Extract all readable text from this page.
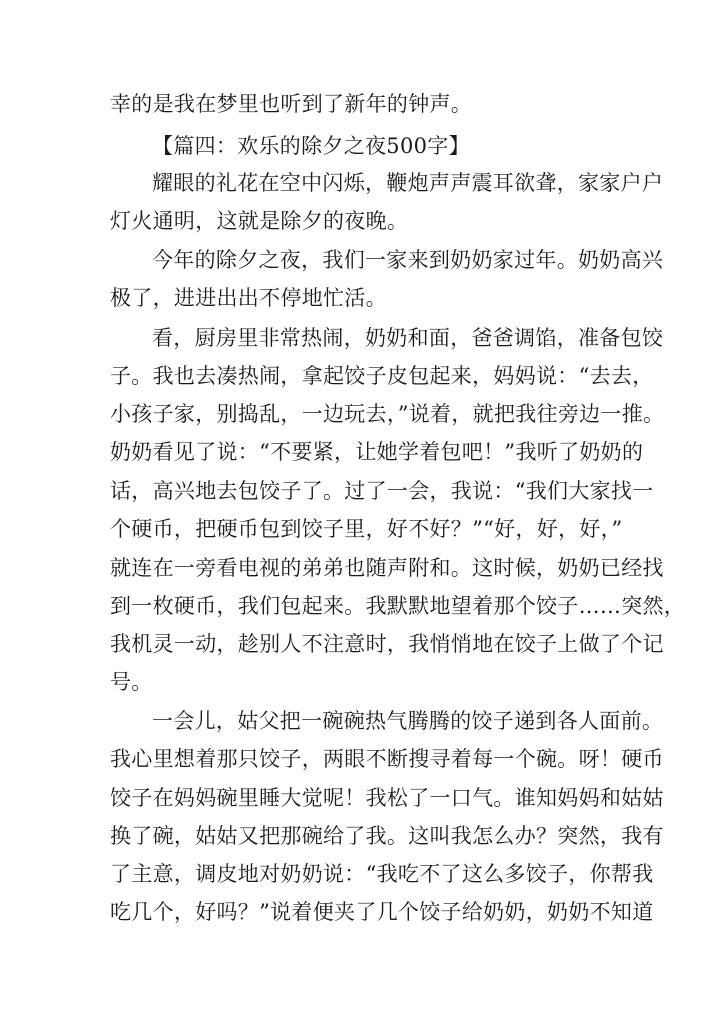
幸的是我在梦里也听到了新年的钟声。
【篇四：欢乐的除夕之夜500字】
耀眼的礼花在空中闪烁，鞭炮声声震耳欲聋，家家户户
灯火通明，这就是除夕的夜晚。
今年的除夕之夜，我们一家来到奶奶家过年。奶奶高兴
极了，进进出出不停地忙活。
看，厨房里非常热闹，奶奶和面，爸爸调馅，准备包饺
子。我也去凑热闹，拿起饺子皮包起来，妈妈说：“去去，
小孩子家，别捣乱，一边玩去，”说着，就把我往旁边一推。
奶奶看见了说：“不要紧，让她学着包吧！”我听了奶奶的
话，高兴地去包饺子了。过了一会，我说：“我们大家找一
个硬币，把硬币包到饺子里，好不好？”“好，好，好，”
就连在一旁看电视的弟弟也随声附和。这时候，奶奶已经找
到一枚硬币，我们包起来。我默默地望着那个饺子……突然，
我机灵一动，趁别人不注意时，我悄悄地在饺子上做了个记
号。
一会儿，姑父把一碗碗热气腾腾的饺子递到各人面前。
我心里想着那只饺子，两眼不断搜寻着每一个碗。呀！硬币
饺子在妈妈碗里睡大觉呢！我松了一口气。谁知妈妈和姑姑
换了碗，姑姑又把那碗给了我。这叫我怎么办？突然，我有
了主意，调皮地对奶奶说：“我吃不了这么多饺子，你帮我
吃几个，好吗？”说着便夹了几个饺子给奶奶，奶奶不知道
